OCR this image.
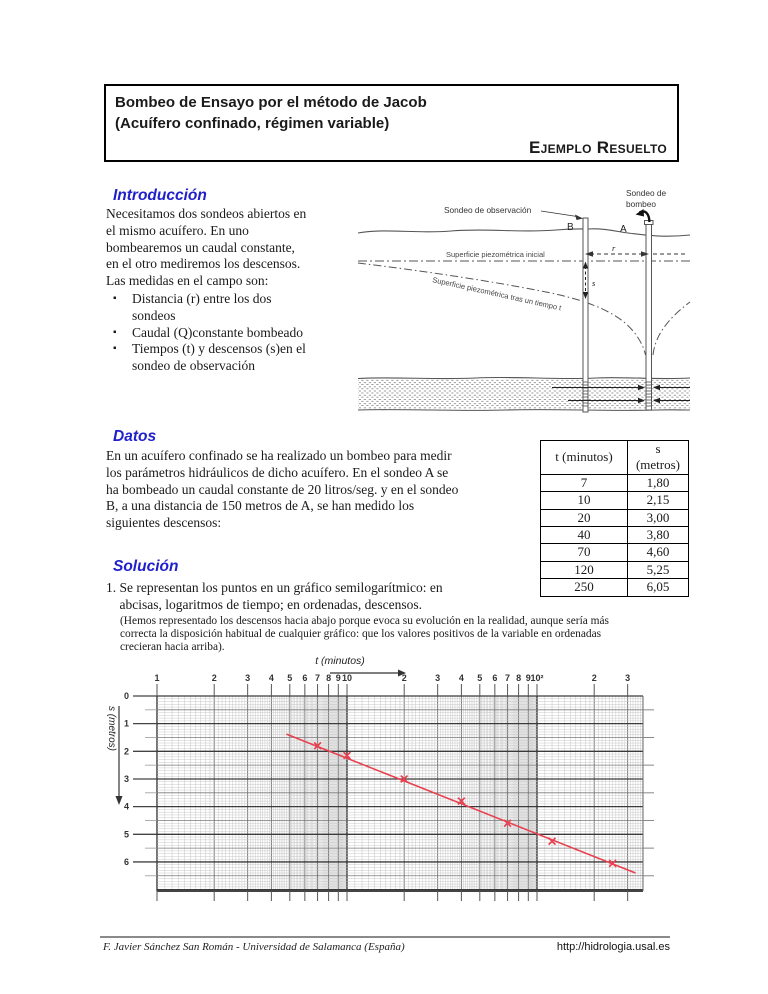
Bombeo de Ensayo por el método de Jacob
(Acuífero confinado, régimen variable)
Ejemplo Resuelto
Introducción
Necesitamos dos sondeos abiertos en
el mismo acuífero. En uno
bombearemos un caudal constante,
en el otro mediremos los descensos.
Las medidas en el campo son:
Distancia (r) entre los dos
sondeos
Caudal (Q)constante bombeado
Tiempos (t) y descensos (s)en el
sondeo de observación
Superficie piezométrica inicial
Superficie piezométrica tras un tiempo t
r
s
Sondeo de observación
Sondeo de
bombeo
B	A
Datos
En un acuífero confinado se ha realizado un bombeo para medir
los parámetros hidráulicos de dicho acuífero. En el sondeo A se
ha bombeado un caudal constante de 20 litros/seg. y en el sondeo
B, a una distancia de 150 metros de A, se han medido los
siguientes descensos:
t (minutos)	s (metros)
7	1,80
10	2,15
20	3,00
40	3,80
70	4,60
120	5,25
250	6,05
Solución
1. Se representan los puntos en un gráfico semilogarítmico: en
abcisas, logaritmos de tiempo; en ordenadas, descensos.
(Hemos representado los descensos hacia abajo porque evoca su evolución en la realidad, aunque sería más
correcta la disposición habitual de cualquier gráfico: que los valores positivos de la variable en ordenadas
crecieran hacia arriba).
1	2	3 4 5 6 7 8 9 10	2	3 4 5 6 7 8 9 10²	2	3
0
1
2
3
4
5
6
t (minutos)
s (metros)
F. Javier Sánchez San Román - Universidad de Salamanca (España)	http://hidrologia.usal.es
